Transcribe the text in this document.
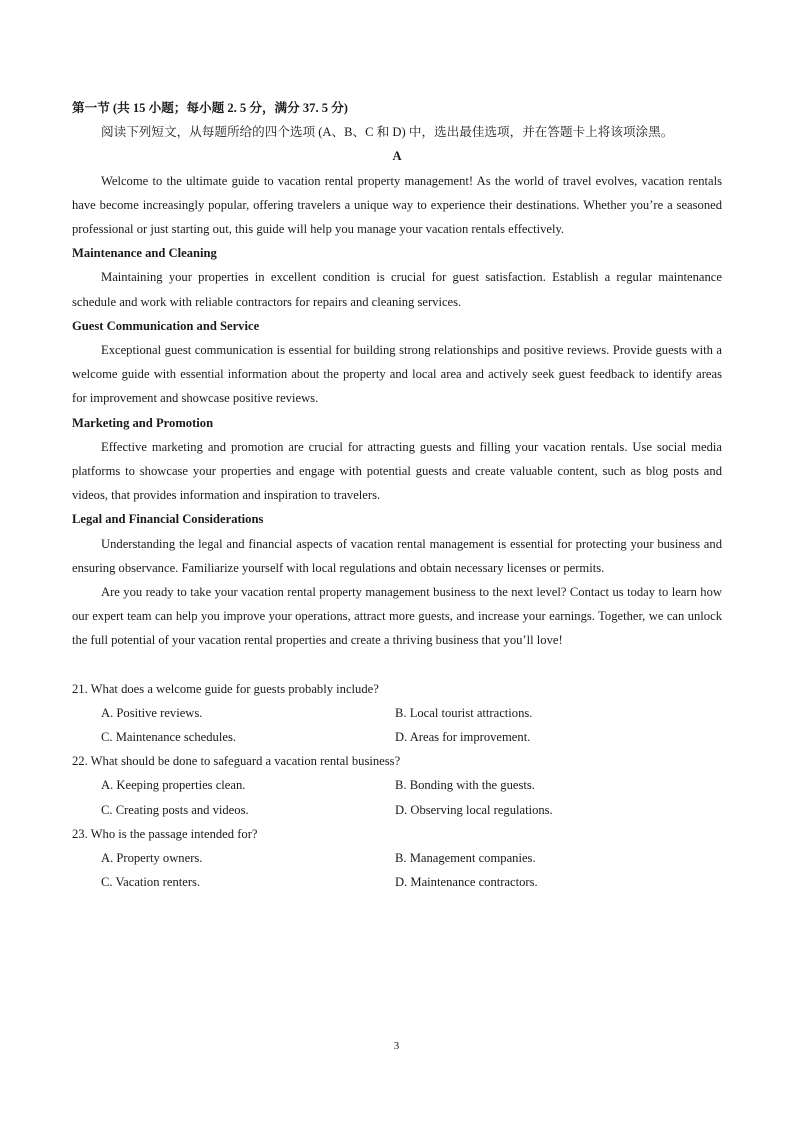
第一节 (共 15 小题；每小题 2. 5 分，满分 37. 5 分)

阅读下列短文，从每题所给的四个选项 (A、B、C 和 D) 中，选出最佳选项，并在答题卡上将该项涂黑。

A

Welcome to the ultimate guide to vacation rental property management! As the world of travel evolves, vacation rentals have become increasingly popular, offering travelers a unique way to experience their destinations. Whether you’re a seasoned professional or just starting out, this guide will help you manage your vacation rentals effectively.

Maintenance and Cleaning

Maintaining your properties in excellent condition is crucial for guest satisfaction. Establish a regular maintenance schedule and work with reliable contractors for repairs and cleaning services.

Guest Communication and Service

Exceptional guest communication is essential for building strong relationships and positive reviews. Provide guests with a welcome guide with essential information about the property and local area and actively seek guest feedback to identify areas for improvement and showcase positive reviews.

Marketing and Promotion

Effective marketing and promotion are crucial for attracting guests and filling your vacation rentals. Use social media platforms to showcase your properties and engage with potential guests and create valuable content, such as blog posts and videos, that provides information and inspiration to travelers.

Legal and Financial Considerations

Understanding the legal and financial aspects of vacation rental management is essential for protecting your business and ensuring observance. Familiarize yourself with local regulations and obtain necessary licenses or permits.

Are you ready to take your vacation rental property management business to the next level? Contact us today to learn how our expert team can help you improve your operations, attract more guests, and increase your earnings. Together, we can unlock the full potential of your vacation rental properties and create a thriving business that you’ll love!

21. What does a welcome guide for guests probably include?

A. Positive reviews.	B. Local tourist attractions.
C. Maintenance schedules.	D. Areas for improvement.

22. What should be done to safeguard a vacation rental business?

A. Keeping properties clean.	B. Bonding with the guests.
C. Creating posts and videos.	D. Observing local regulations.

23. Who is the passage intended for?

A. Property owners.	B. Management companies.
C. Vacation renters.	D. Maintenance contractors.
3
